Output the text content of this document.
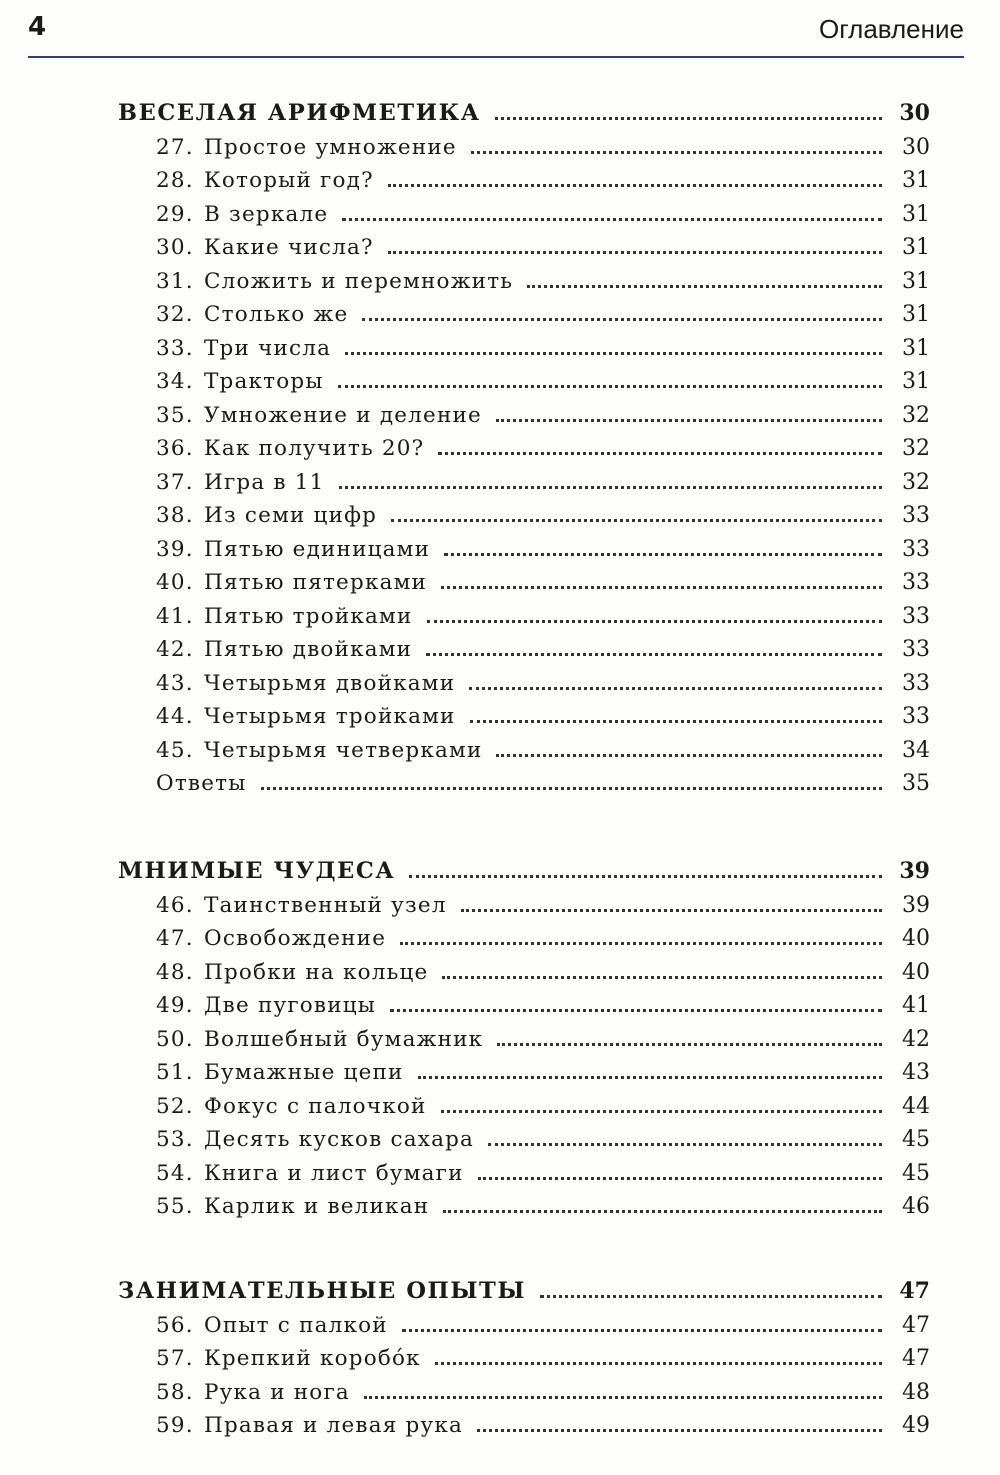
4	Оглавление
ВЕСЕЛАЯ АРИФМЕТИКА	30
27. Простое умножение	30
28. Который год?	31
29. В зеркале	31
30. Какие числа?	31
31. Сложить и перемножить	31
32. Столько же	31
33. Три числа	31
34. Тракторы	31
35. Умножение и деление	32
36. Как получить 20?	32
37. Игра в 11	32
38. Из семи цифр	33
39. Пятью единицами	33
40. Пятью пятерками	33
41. Пятью тройками	33
42. Пятью двойками	33
43. Четырьмя двойками	33
44. Четырьмя тройками	33
45. Четырьмя четверками	34
Ответы	35
МНИМЫЕ ЧУДЕСА	39
46. Таинственный узел	39
47. Освобождение	40
48. Пробки на кольце	40
49. Две пуговицы	41
50. Волшебный бумажник	42
51. Бумажные цепи	43
52. Фокус с палочкой	44
53. Десять кусков сахара	45
54. Книга и лист бумаги	45
55. Карлик и великан	46
ЗАНИМАТЕЛЬНЫЕ ОПЫТЫ	47
56. Опыт с палкой	47
57. Крепкий коробóк	47
58. Рука и нога	48
59. Правая и левая рука	49
